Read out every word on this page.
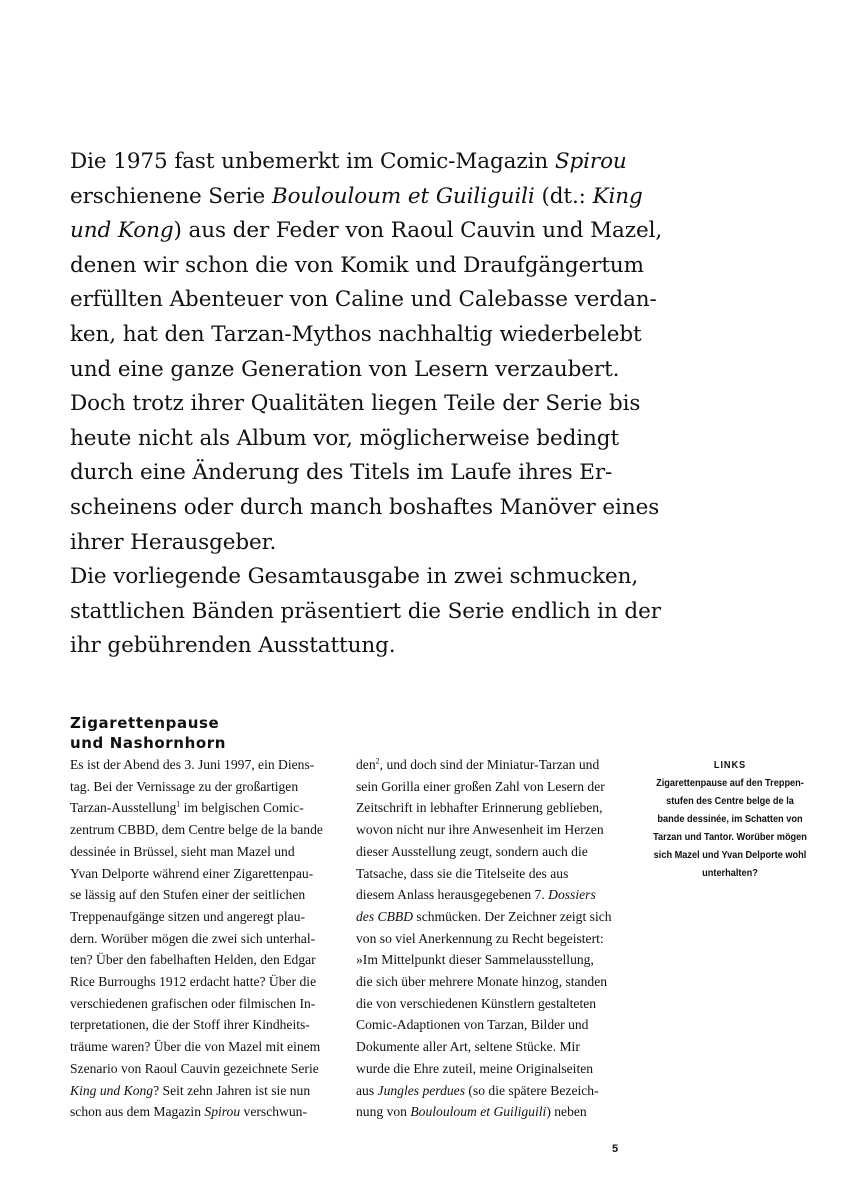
Die 1975 fast unbemerkt im Comic-Magazin Spirou
erschienene Serie Boulouloum et Guiliguili (dt.: King
und Kong) aus der Feder von Raoul Cauvin und Mazel,
denen wir schon die von Komik und Draufgängertum
erfüllten Abenteuer von Caline und Calebasse verdan-
ken, hat den Tarzan-Mythos nachhaltig wiederbelebt
und eine ganze Generation von Lesern verzaubert.
Doch trotz ihrer Qualitäten liegen Teile der Serie bis
heute nicht als Album vor, möglicherweise bedingt
durch eine Änderung des Titels im Laufe ihres Er-
scheinens oder durch manch boshaftes Manöver eines
ihrer Herausgeber.
Die vorliegende Gesamtausgabe in zwei schmucken,
stattlichen Bänden präsentiert die Serie endlich in der
ihr gebührenden Ausstattung.
Zigarettenpause
und Nashornhorn
Es ist der Abend des 3. Juni 1997, ein Diens-
tag. Bei der Vernissage zu der großartigen
Tarzan-Ausstellung$^1$ im belgischen Comic-
zentrum CBBD, dem Centre belge de la bande
dessinée in Brüssel, sieht man Mazel und
Yvan Delporte während einer Zigarettenpau-
se lässig auf den Stufen einer der seitlichen
Treppenaufgänge sitzen und angeregt plau-
dern. Worüber mögen die zwei sich unterhal-
ten? Über den fabelhaften Helden, den Edgar
Rice Burroughs 1912 erdacht hatte? Über die
verschiedenen grafischen oder filmischen In-
terpretationen, die der Stoff ihrer Kindheits-
träume waren? Über die von Mazel mit einem
Szenario von Raoul Cauvin gezeichnete Serie
King und Kong? Seit zehn Jahren ist sie nun
schon aus dem Magazin Spirou verschwun-
den$^2$, und doch sind der Miniatur-Tarzan und
sein Gorilla einer großen Zahl von Lesern der
Zeitschrift in lebhafter Erinnerung geblieben,
wovon nicht nur ihre Anwesenheit im Herzen
dieser Ausstellung zeugt, sondern auch die
Tatsache, dass sie die Titelseite des aus
diesem Anlass herausgegebenen 7. Dossiers
des CBBD schmücken. Der Zeichner zeigt sich
von so viel Anerkennung zu Recht begeistert:
»Im Mittelpunkt dieser Sammelausstellung,
die sich über mehrere Monate hinzog, standen
die von verschiedenen Künstlern gestalteten
Comic-Adaptionen von Tarzan, Bilder und
Dokumente aller Art, seltene Stücke. Mir
wurde die Ehre zuteil, meine Originalseiten
aus Jungles perdues (so die spätere Bezeich-
nung von Boulouloum et Guiliguili) neben
LINKS
Zigarettenpause auf den Treppen-
stufen des Centre belge de la
bande dessinée, im Schatten von
Tarzan und Tantor. Worüber mögen
sich Mazel und Yvan Delporte wohl
unterhalten?
5
